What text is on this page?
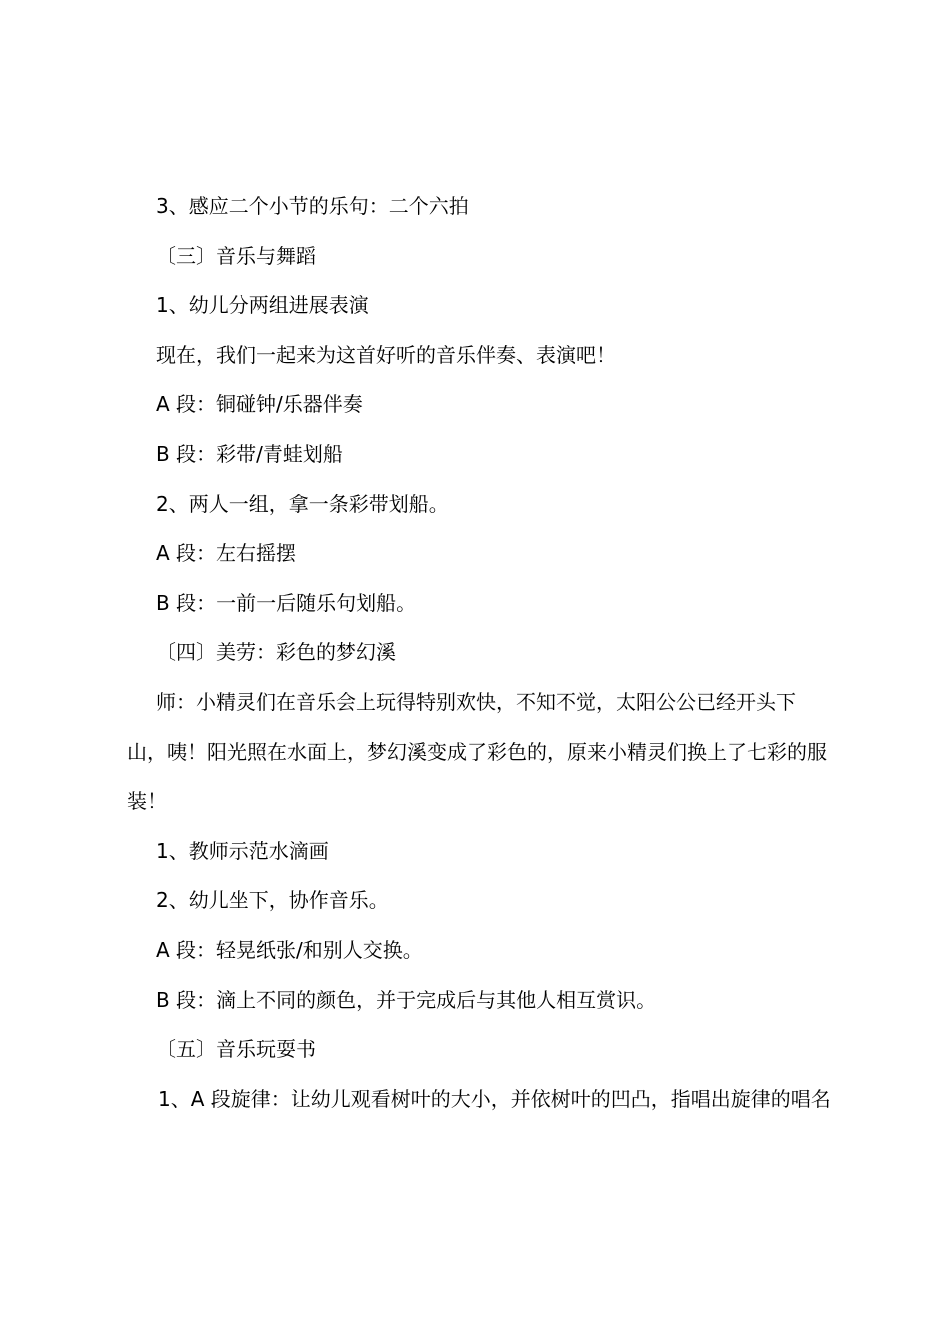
3、感应二个小节的乐句：二个六拍

〔三〕音乐与舞蹈

1、幼儿分两组进展表演

现在，我们一起来为这首好听的音乐伴奏、表演吧！

A 段：铜碰钟/乐器伴奏

B 段：彩带/青蛙划船

2、两人一组，拿一条彩带划船。

A 段：左右摇摆

B 段：一前一后随乐句划船。

〔四〕美劳：彩色的梦幻溪

师：小精灵们在音乐会上玩得特别欢快，不知不觉，太阳公公已经开头下山，咦！阳光照在水面上，梦幻溪变成了彩色的，原来小精灵们换上了七彩的服装！

1、教师示范水滴画

2、幼儿坐下，协作音乐。

A 段：轻晃纸张/和别人交换。

B 段：滴上不同的颜色，并于完成后与其他人相互赏识。

〔五〕音乐玩耍书

1、A 段旋律：让幼儿观看树叶的大小，并依树叶的凹凸，指唱出旋律的唱名
